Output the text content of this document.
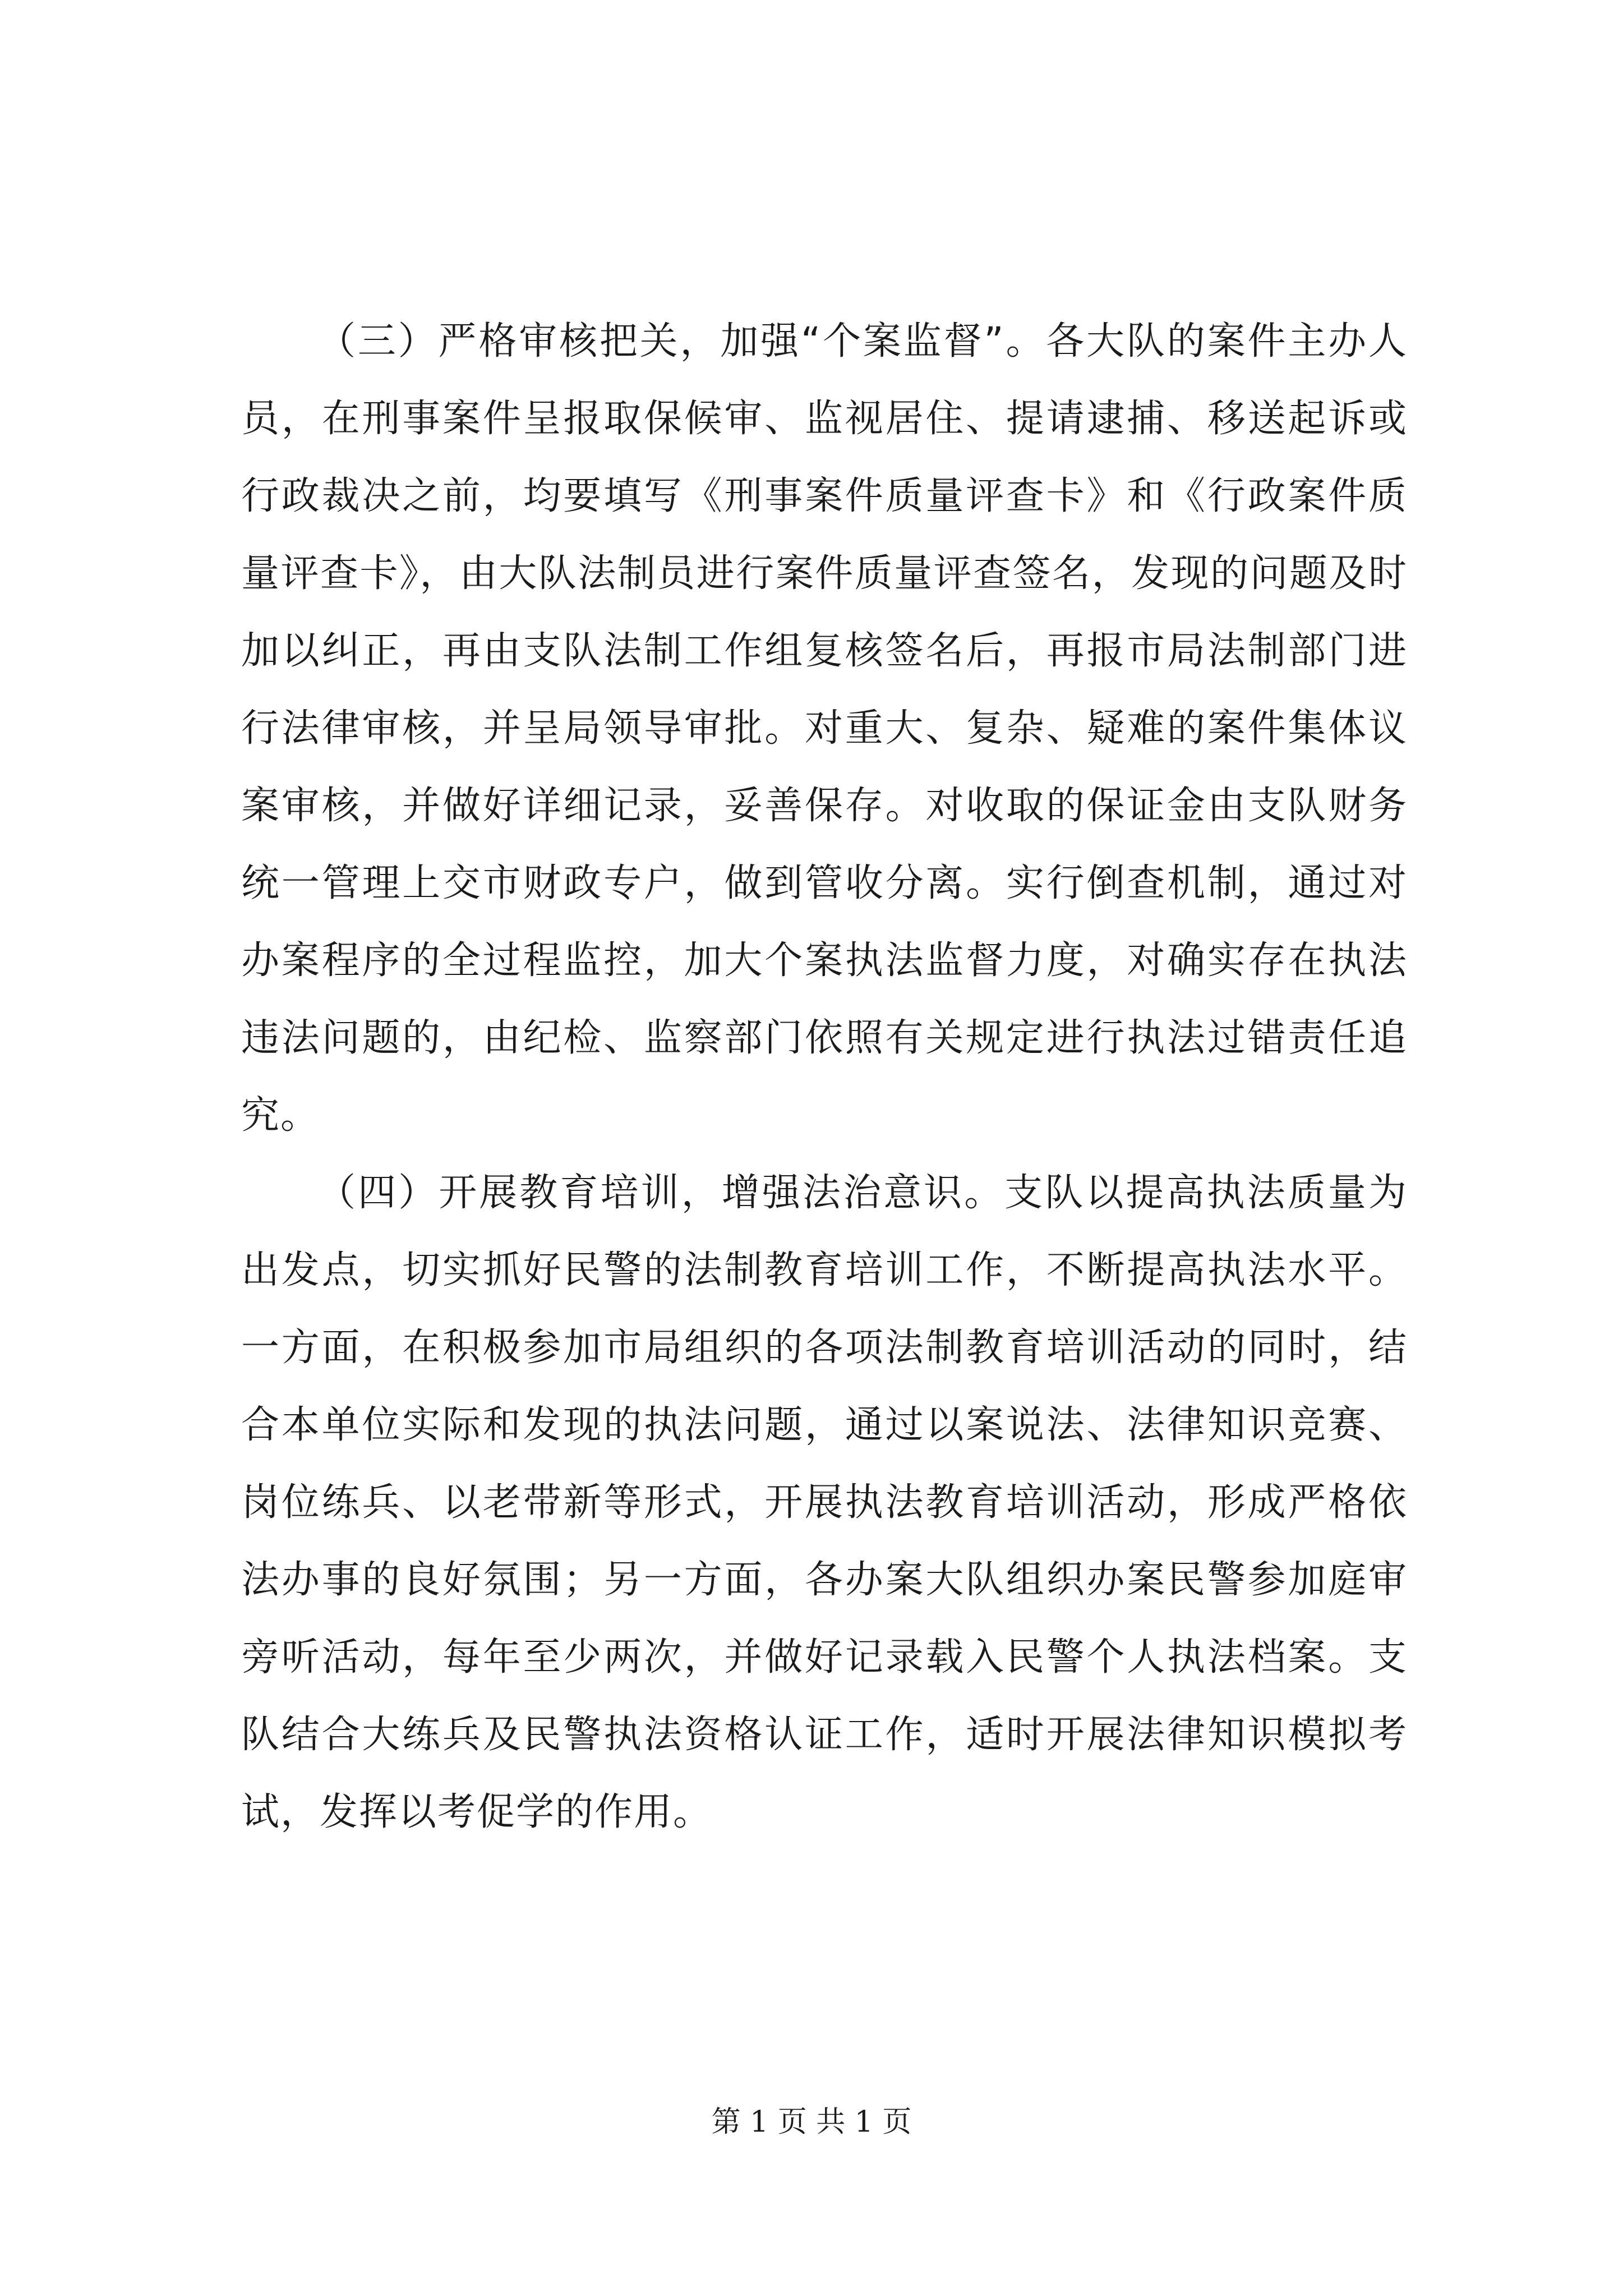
（三）严格审核把关，加强“个案监督”。各大队的案件主办人员，在刑事案件呈报取保候审、监视居住、提请逮捕、移送起诉或行政裁决之前，均要填写《刑事案件质量评查卡》和《行政案件质量评查卡》，由大队法制员进行案件质量评查签名，发现的问题及时加以纠正，再由支队法制工作组复核签名后，再报市局法制部门进行法律审核，并呈局领导审批。对重大、复杂、疑难的案件集体议案审核，并做好详细记录，妥善保存。对收取的保证金由支队财务统一管理上交市财政专户，做到管收分离。实行倒查机制，通过对办案程序的全过程监控，加大个案执法监督力度，对确实存在执法违法问题的，由纪检、监察部门依照有关规定进行执法过错责任追究。

（四）开展教育培训，增强法治意识。支队以提高执法质量为出发点，切实抓好民警的法制教育培训工作，不断提高执法水平。一方面，在积极参加市局组织的各项法制教育培训活动的同时，结合本单位实际和发现的执法问题，通过以案说法、法律知识竞赛、岗位练兵、以老带新等形式，开展执法教育培训活动，形成严格依法办事的良好氛围；另一方面，各办案大队组织办案民警参加庭审旁听活动，每年至少两次，并做好记录载入民警个人执法档案。支队结合大练兵及民警执法资格认证工作，适时开展法律知识模拟考试，发挥以考促学的作用。

第 1 页 共 1 页
